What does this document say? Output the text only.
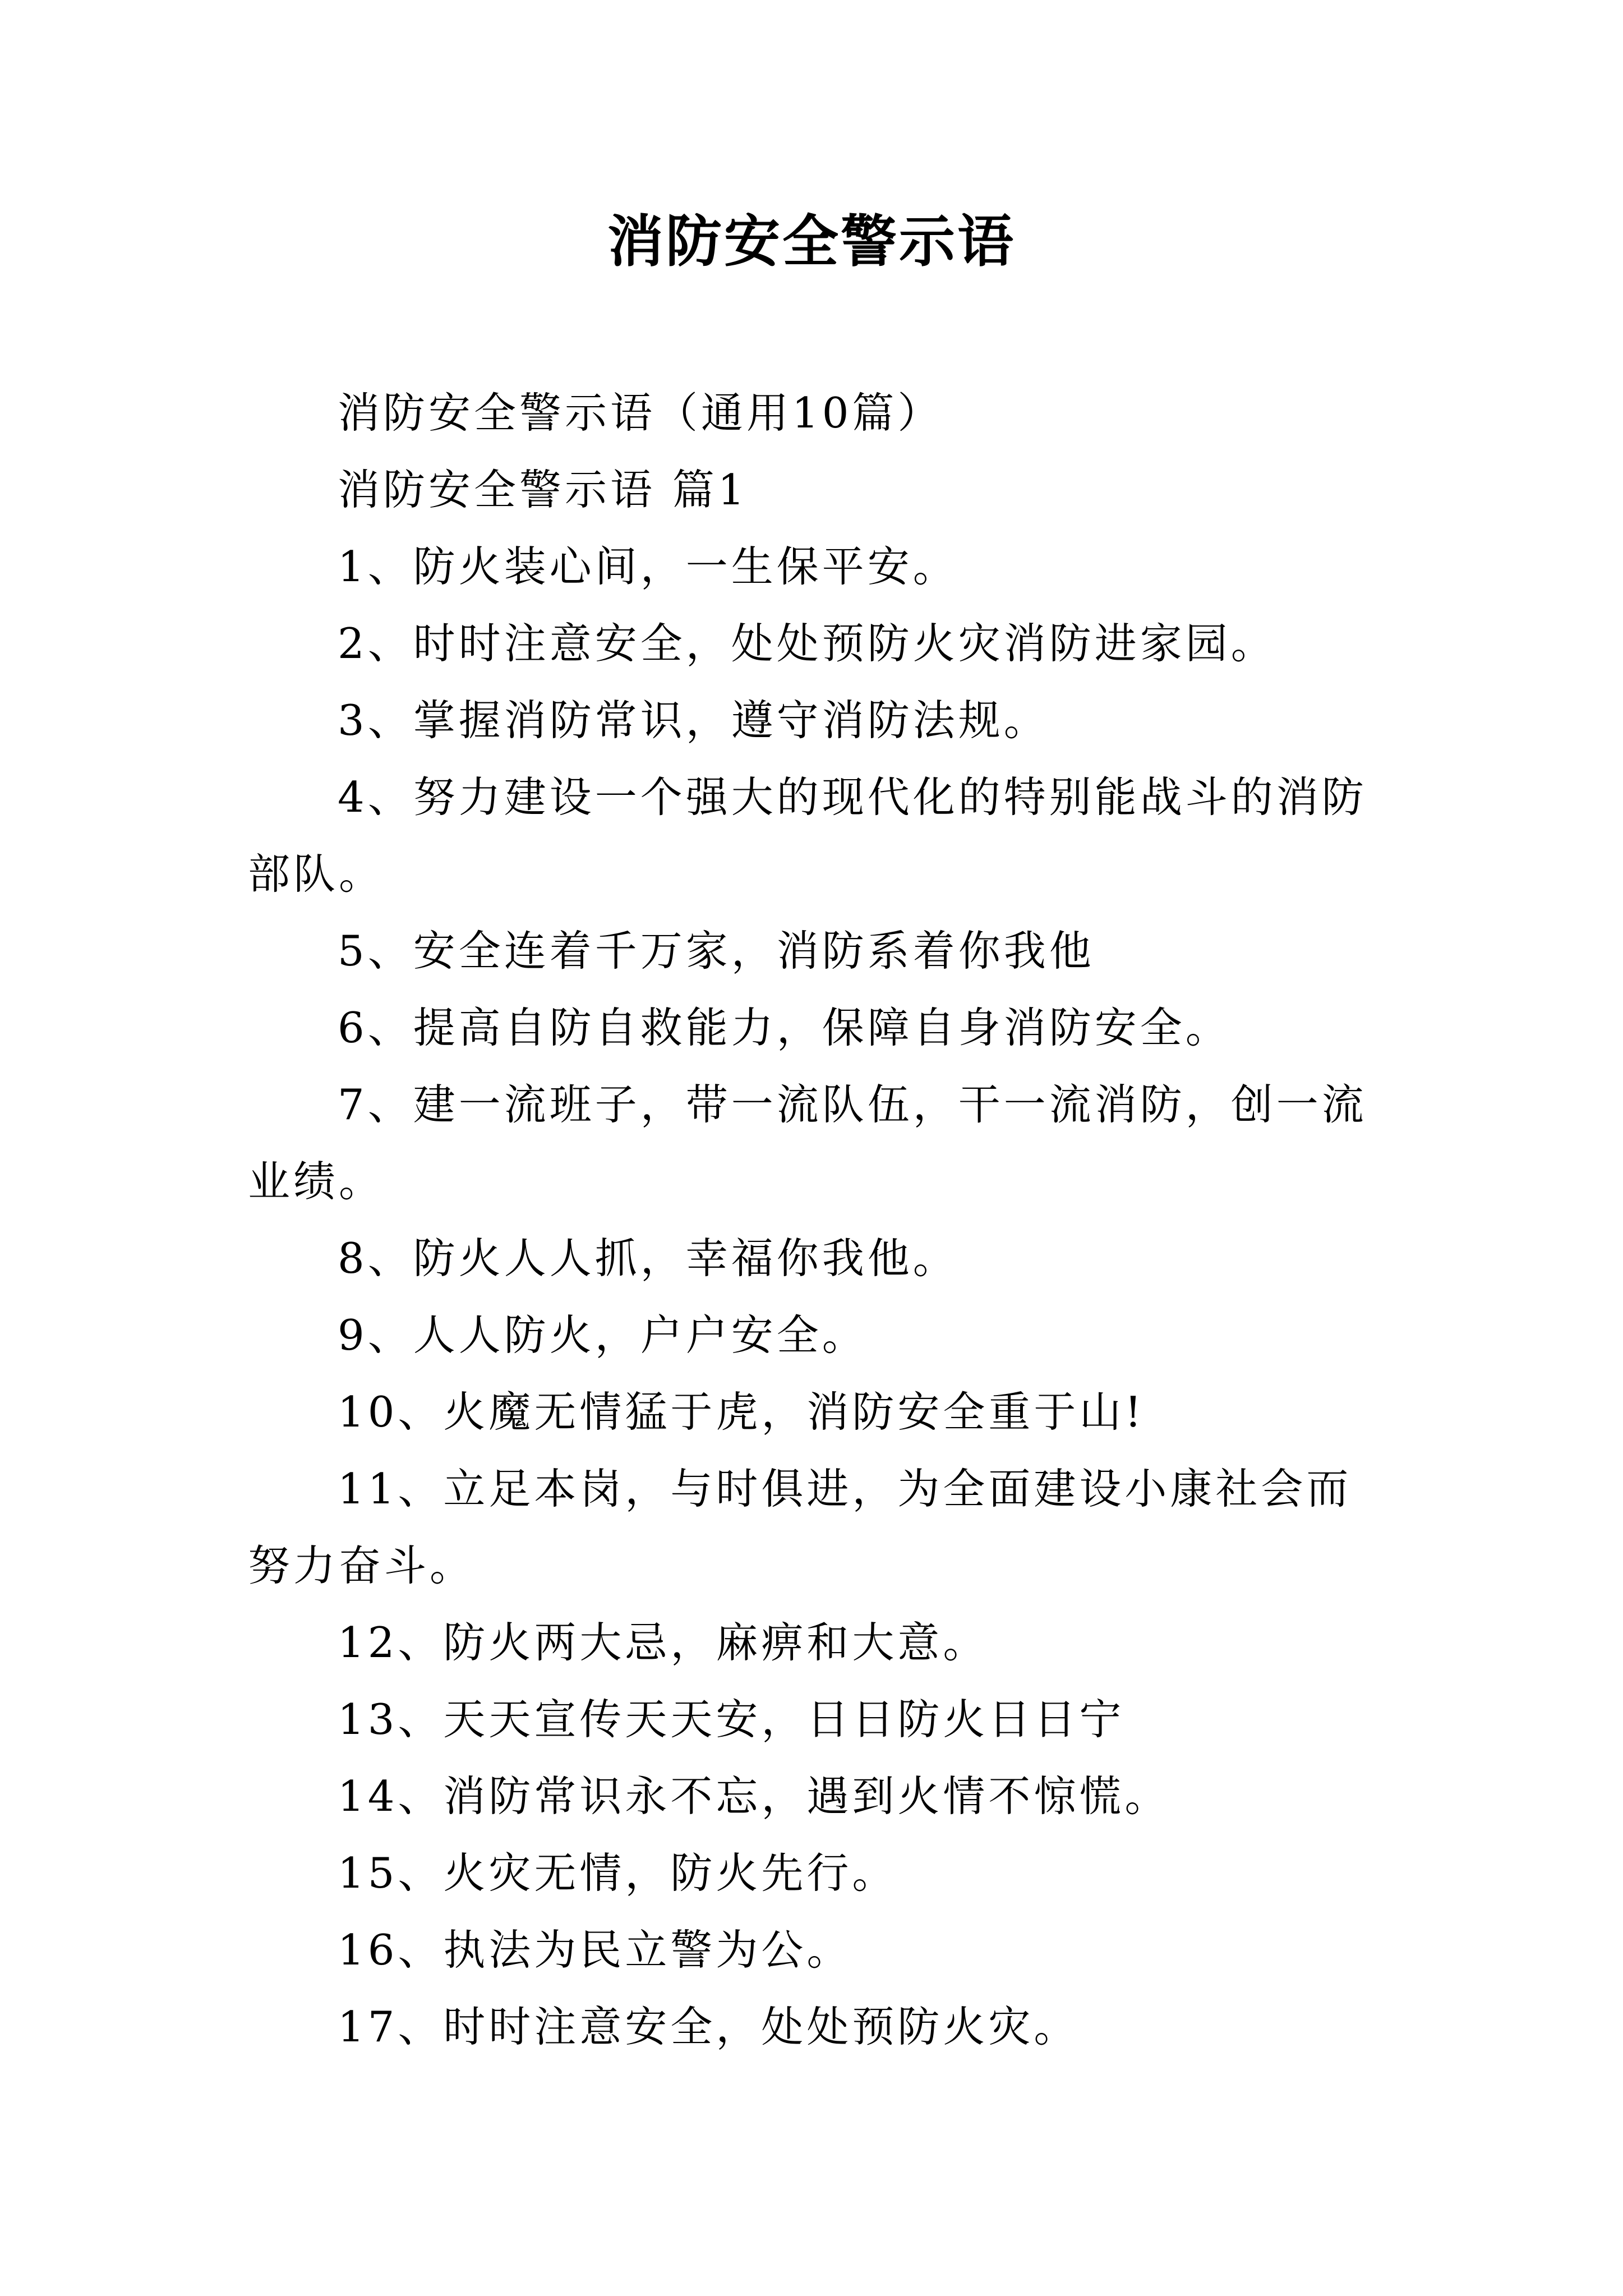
消防安全警示语

消防安全警示语（通用10篇）

消防安全警示语 篇1

1、防火装心间，一生保平安。

2、时时注意安全，处处预防火灾消防进家园。

3、掌握消防常识，遵守消防法规。

4、努力建设一个强大的现代化的特别能战斗的消防部队。

5、安全连着千万家，消防系着你我他

6、提高自防自救能力，保障自身消防安全。

7、建一流班子，带一流队伍，干一流消防，创一流业绩。

8、防火人人抓，幸福你我他。

9、人人防火，户户安全。

10、火魔无情猛于虎，消防安全重于山!

11、立足本岗，与时俱进，为全面建设小康社会而努力奋斗。

12、防火两大忌，麻痹和大意。

13、天天宣传天天安，日日防火日日宁

14、消防常识永不忘，遇到火情不惊慌。

15、火灾无情，防火先行。

16、执法为民立警为公。

17、时时注意安全，处处预防火灾。
